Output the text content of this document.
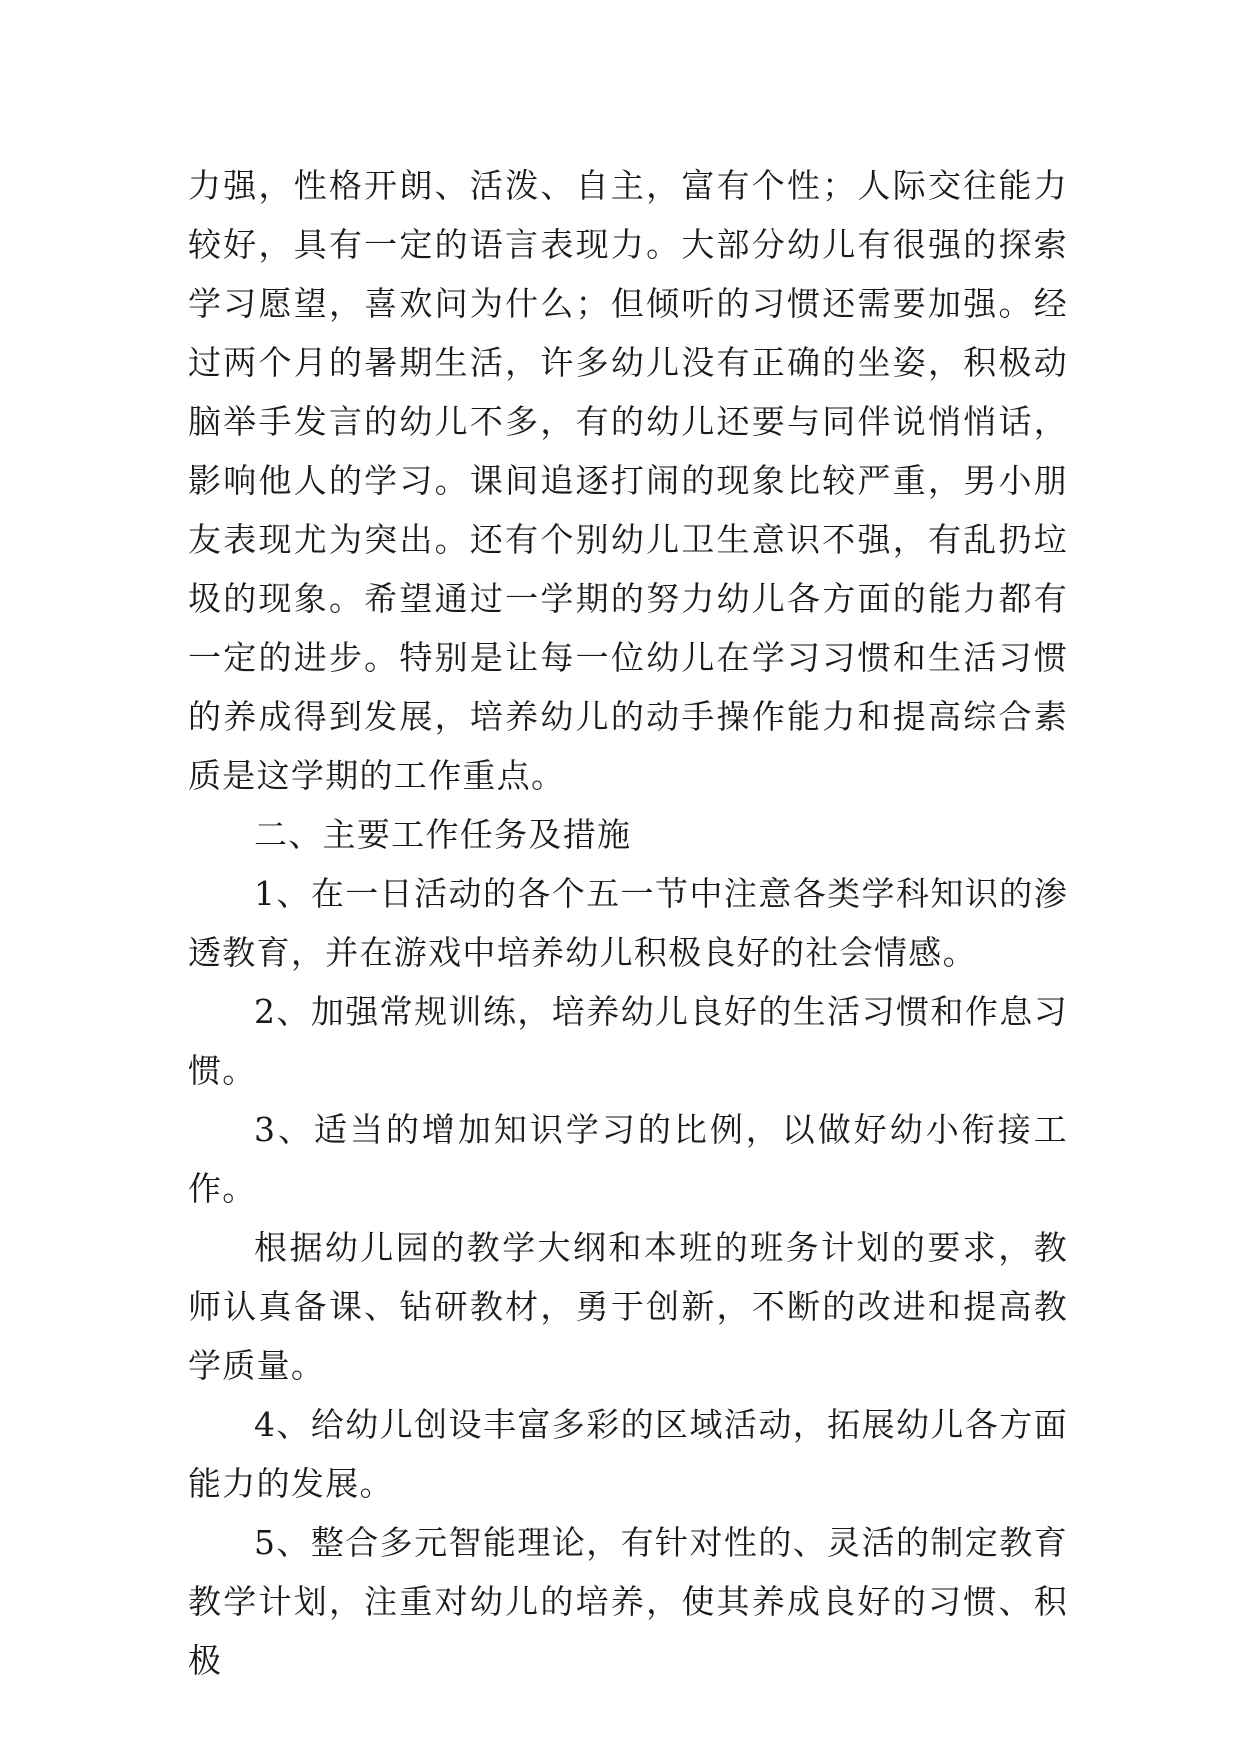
力强，性格开朗、活泼、自主，富有个性；人际交往能力较好，具有一定的语言表现力。大部分幼儿有很强的探索学习愿望，喜欢问为什么；但倾听的习惯还需要加强。经过两个月的暑期生活，许多幼儿没有正确的坐姿，积极动脑举手发言的幼儿不多，有的幼儿还要与同伴说悄悄话，影响他人的学习。课间追逐打闹的现象比较严重，男小朋友表现尤为突出。还有个别幼儿卫生意识不强，有乱扔垃圾的现象。希望通过一学期的努力幼儿各方面的能力都有一定的进步。特别是让每一位幼儿在学习习惯和生活习惯的养成得到发展，培养幼儿的动手操作能力和提高综合素质是这学期的工作重点。

二、主要工作任务及措施

1、在一日活动的各个五一节中注意各类学科知识的渗透教育，并在游戏中培养幼儿积极良好的社会情感。

2、加强常规训练，培养幼儿良好的生活习惯和作息习惯。

3、适当的增加知识学习的比例，以做好幼小衔接工作。

根据幼儿园的教学大纲和本班的班务计划的要求，教师认真备课、钻研教材，勇于创新，不断的改进和提高教学质量。

4、给幼儿创设丰富多彩的区域活动，拓展幼儿各方面能力的发展。

5、整合多元智能理论，有针对性的、灵活的制定教育教学计划，注重对幼儿的培养，使其养成良好的习惯、积极
